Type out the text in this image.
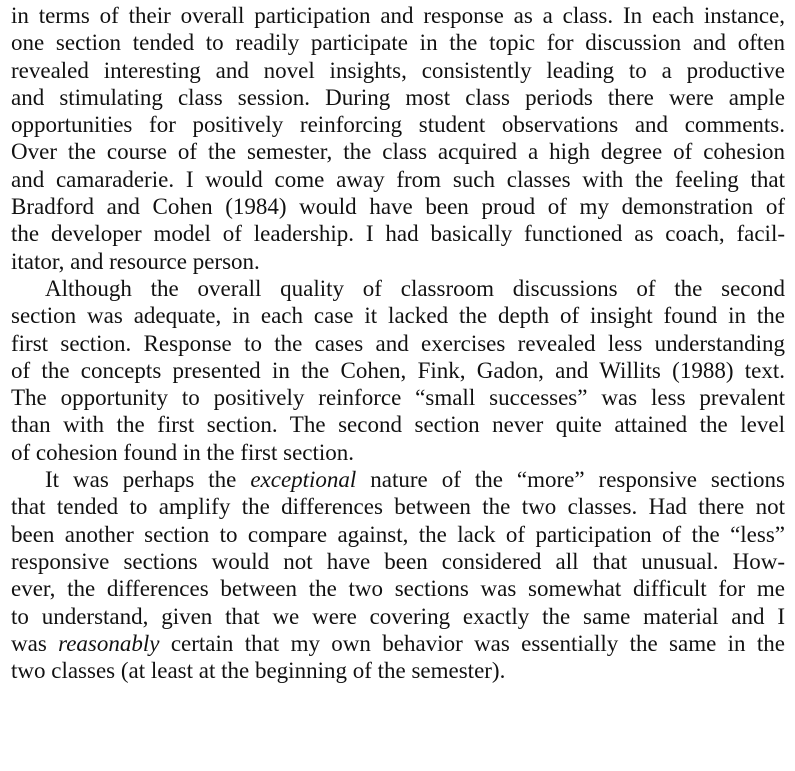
in terms of their overall participation and response as a class. In each instance,
one section tended to readily participate in the topic for discussion and often
revealed interesting and novel insights, consistently leading to a productive
and stimulating class session. During most class periods there were ample
opportunities for positively reinforcing student observations and comments.
Over the course of the semester, the class acquired a high degree of cohesion
and camaraderie. I would come away from such classes with the feeling that
Bradford and Cohen (1984) would have been proud of my demonstration of
the developer model of leadership. I had basically functioned as coach, facil-
itator, and resource person.
Although the overall quality of classroom discussions of the second
section was adequate, in each case it lacked the depth of insight found in the
first section. Response to the cases and exercises revealed less understanding
of the concepts presented in the Cohen, Fink, Gadon, and Willits (1988) text.
The opportunity to positively reinforce “small successes” was less prevalent
than with the first section. The second section never quite attained the level
of cohesion found in the first section.
It was perhaps the exceptional nature of the “more” responsive sections
that tended to amplify the differences between the two classes. Had there not
been another section to compare against, the lack of participation of the “less”
responsive sections would not have been considered all that unusual. How-
ever, the differences between the two sections was somewhat difficult for me
to understand, given that we were covering exactly the same material and I
was reasonably certain that my own behavior was essentially the same in the
two classes (at least at the beginning of the semester).
